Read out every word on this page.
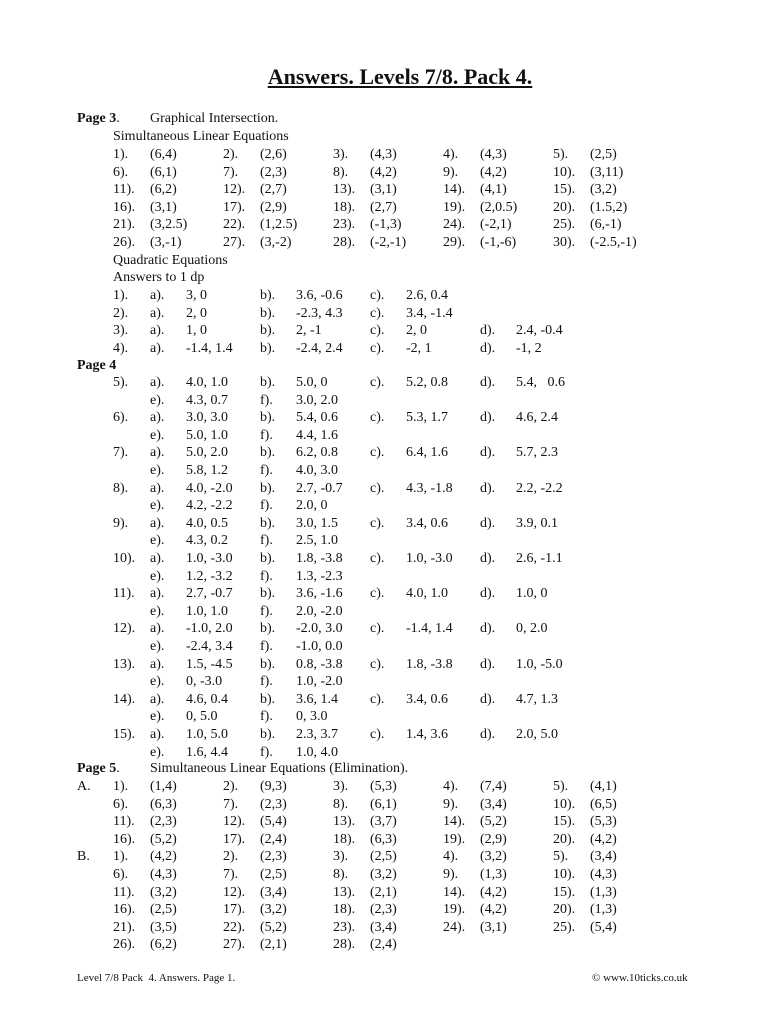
Answers. Levels 7/8. Pack 4.
Page 3. Graphical Intersection.
Simultaneous Linear Equations
1). (6,4)	2). (2,6)	3). (4,3)	4). (4,3)	5). (2,5)
6). (6,1)	7). (2,3)	8). (4,2)	9). (4,2)	10). (3,11)
11). (6,2)	12). (2,7)	13). (3,1)	14). (4,1)	15). (3,2)
16). (3,1)	17). (2,9)	18). (2,7)	19). (2,0.5)	20). (1.5,2)
21). (3,2.5)	22). (1,2.5)	23). (-1,3)	24). (-2,1)	25). (6,-1)
26). (3,-1)	27). (3,-2)	28). (-2,-1)	29). (-1,-6)	30). (-2.5,-1)
Quadratic Equations
Answers to 1 dp
1). a). 3, 0	b). 3.6, -0.6 c). 2.6, 0.4
2). a). 2, 0	b). -2.3, 4.3 c). 3.4, -1.4
3). a). 1, 0	b). 2, -1	c). 2, 0	d). 2.4, -0.4
4). a). -1.4, 1.4 b). -2.4, 2.4 c). -2, 1	d). -1, 2
Page 4
5). a). 4.0, 1.0 b). 5.0, 0	c). 5.2, 0.8 d). 5.4,   0.6
e). 4.3, 0.7 f). 3.0, 2.0
6). a). 3.0, 3.0 b). 5.4, 0.6 c). 5.3, 1.7 d). 4.6, 2.4
e). 5.0, 1.0 f). 4.4, 1.6
7). a). 5.0, 2.0 b). 6.2, 0.8 c). 6.4, 1.6 d). 5.7, 2.3
e). 5.8, 1.2 f). 4.0, 3.0
8). a). 4.0, -2.0 b). 2.7, -0.7 c). 4.3, -1.8 d). 2.2, -2.2
e). 4.2, -2.2 f). 2.0, 0
9). a). 4.0, 0.5 b). 3.0, 1.5 c). 3.4, 0.6 d). 3.9, 0.1
e). 4.3, 0.2 f). 2.5, 1.0
10). a). 1.0, -3.0 b). 1.8, -3.8 c). 1.0, -3.0 d). 2.6, -1.1
e). 1.2, -3.2 f). 1.3, -2.3
11). a). 2.7, -0.7 b). 3.6, -1.6 c). 4.0, 1.0 d). 1.0, 0
e). 1.0, 1.0 f). 2.0, -2.0
12). a). -1.0, 2.0 b). -2.0, 3.0 c). -1.4, 1.4 d). 0, 2.0
e). -2.4, 3.4 f). -1.0, 0.0
13). a). 1.5, -4.5 b). 0.8, -3.8 c). 1.8, -3.8 d). 1.0, -5.0
e). 0, -3.0	f). 1.0, -2.0
14). a). 4.6, 0.4 b). 3.6, 1.4 c). 3.4, 0.6 d). 4.7, 1.3
e). 0, 5.0	f). 0, 3.0
15). a). 1.0, 5.0 b). 2.3, 3.7 c). 1.4, 3.6 d). 2.0, 5.0
e). 1.6, 4.4 f). 1.0, 4.0
Page 5. Simultaneous Linear Equations (Elimination).
A. 1). (1,4)	2). (9,3)	3). (5,3)	4). (7,4)	5). (4,1)
6). (6,3)	7). (2,3)	8). (6,1)	9). (3,4)	10). (6,5)
11). (2,3)	12). (5,4)	13). (3,7)	14). (5,2)	15). (5,3)
16). (5,2)	17). (2,4)	18). (6,3)	19). (2,9)	20). (4,2)
B. 1). (4,2)	2). (2,3)	3). (2,5)	4). (3,2)	5). (3,4)
6). (4,3)	7). (2,5)	8). (3,2)	9). (1,3)	10). (4,3)
11). (3,2)	12). (3,4)	13). (2,1)	14). (4,2)	15). (1,3)
16). (2,5)	17). (3,2)	18). (2,3)	19). (4,2)	20). (1,3)
21). (3,5)	22). (5,2)	23). (3,4)	24). (3,1)	25). (5,4)
26). (6,2)	27). (2,1)	28). (2,4)
Level 7/8 Pack  4. Answers. Page 1.	© www.10ticks.co.uk
